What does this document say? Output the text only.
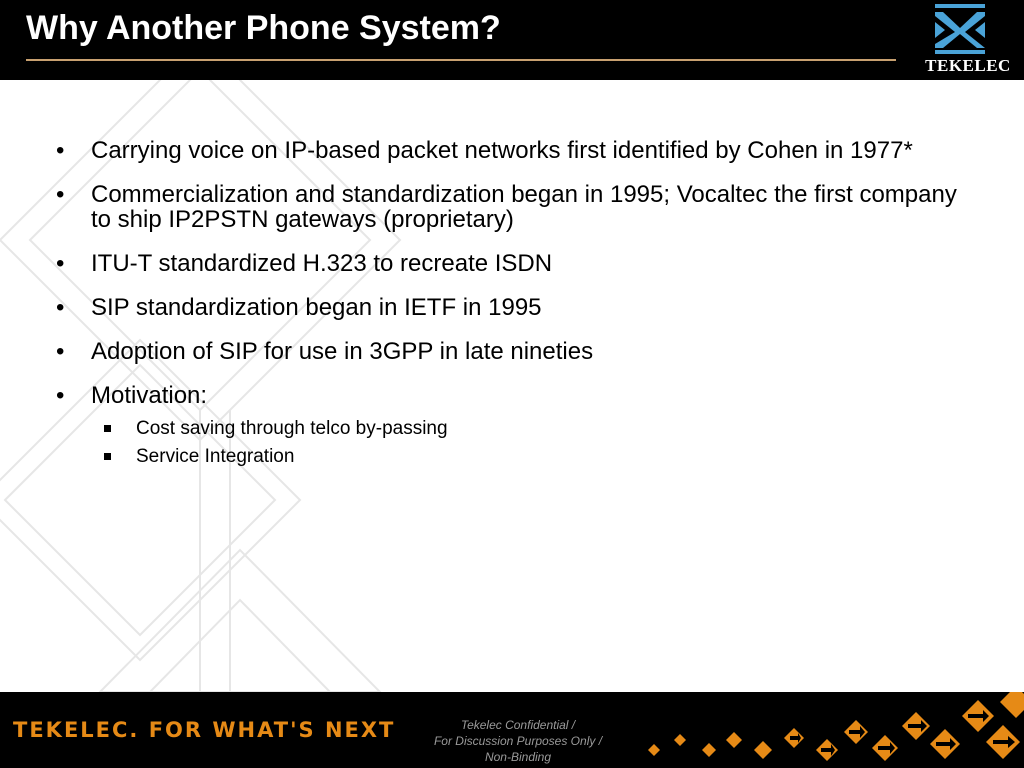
Why Another Phone System?
TEKELEC
• Carrying voice on IP-based packet networks first identified by Cohen in 1977*
• Commercialization and standardization began in 1995; Vocaltec the first company to ship IP2PSTN gateways (proprietary)
• ITU-T standardized H.323 to recreate ISDN
• SIP standardization began in IETF in 1995
• Adoption of SIP for use in 3GPP in late nineties
• Motivation:
Cost saving through telco by-passing
Service Integration
TEKELEC. FOR WHAT'S NEXT	Tekelec Confidential /
For Discussion Purposes Only /
Non-Binding
